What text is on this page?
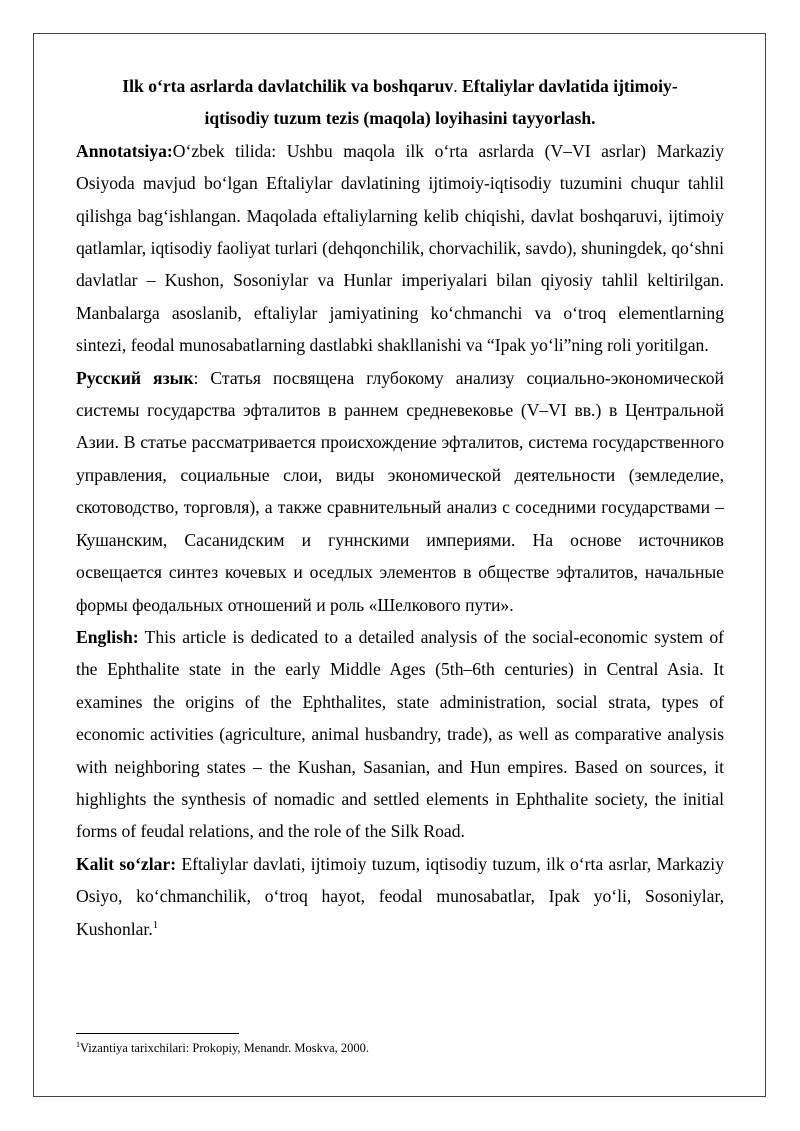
Ilk o‘rta asrlarda davlatchilik va boshqaruv. Eftaliylar davlatida ijtimoiy-
iqtisodiy tuzum tezis (maqola) loyihasini tayyorlash.

Annotatsiya:O‘zbek tilida: Ushbu maqola ilk o‘rta asrlarda (V–VI asrlar) Markaziy Osiyoda mavjud bo‘lgan Eftaliylar davlatining ijtimoiy-iqtisodiy tuzumini chuqur tahlil qilishga bag‘ishlangan. Maqolada eftaliylarning kelib chiqishi, davlat boshqaruvi, ijtimoiy qatlamlar, iqtisodiy faoliyat turlari (dehqonchilik, chorvachilik, savdo), shuningdek, qo‘shni davlatlar – Kushon, Sosoniylar va Hunlar imperiyalari bilan qiyosiy tahlil keltirilgan. Manbalarga asoslanib, eftaliylar jamiyatining ko‘chmanchi va o‘troq elementlarning sintezi, feodal munosabatlarning dastlabki shakllanishi va “Ipak yo‘li”ning roli yoritilgan.

Русский язык: Статья посвящена глубокому анализу социально-экономической системы государства эфталитов в раннем средневековье (V–VI вв.) в Центральной Азии. В статье рассматривается происхождение эфталитов, система государственного управления, социальные слои, виды экономической деятельности (земледелие, скотоводство, торговля), а также сравнительный анализ с соседними государствами – Кушанским, Сасанидским и гуннскими империями. На основе источников освещается синтез кочевых и оседлых элементов в обществе эфталитов, начальные формы феодальных отношений и роль «Шелкового пути».

English: This article is dedicated to a detailed analysis of the social-economic system of the Ephthalite state in the early Middle Ages (5th–6th centuries) in Central Asia. It examines the origins of the Ephthalites, state administration, social strata, types of economic activities (agriculture, animal husbandry, trade), as well as comparative analysis with neighboring states – the Kushan, Sasanian, and Hun empires. Based on sources, it highlights the synthesis of nomadic and settled elements in Ephthalite society, the initial forms of feudal relations, and the role of the Silk Road.

Kalit so‘zlar: Eftaliylar davlati, ijtimoiy tuzum, iqtisodiy tuzum, ilk o‘rta asrlar, Markaziy Osiyo, ko‘chmanchilik, o‘troq hayot, feodal munosabatlar, Ipak yo‘li, Sosoniylar, Kushonlar.$^1$

$^1$Vizantiya tarixchilari: Prokopiy, Menandr. Moskva, 2000.
